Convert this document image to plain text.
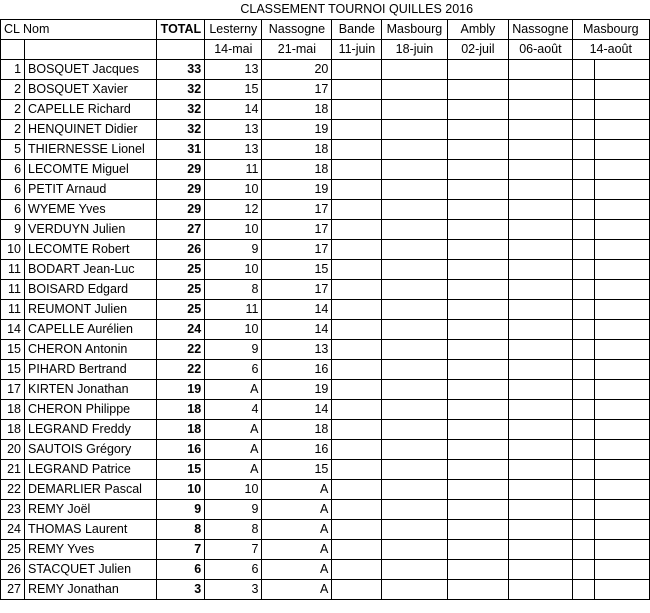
			CLASSEMENT TOURNOI QUILLES 2016							
CL Nom		TOTAL	Lesterny	Nassogne	Bande	Masbourg	Ambly	Nassogne	Masbourg	
			14-mai	21-mai	11-juin	18-juin	02-juil	06-août	14-août	
1	BOSQUET Jacques	33	13	20						
2	BOSQUET Xavier	32	15	17						
2	CAPELLE Richard	32	14	18						
2	HENQUINET Didier	32	13	19						
5	THIERNESSE Lionel	31	13	18						
6	LECOMTE Miguel	29	11	18						
6	PETIT Arnaud	29	10	19						
6	WYEME Yves	29	12	17						
9	VERDUYN Julien	27	10	17						
10	LECOMTE Robert	26	9	17						
11	BODART Jean-Luc	25	10	15						
11	BOISARD Edgard	25	8	17						
11	REUMONT Julien	25	11	14						
14	CAPELLE Aurélien	24	10	14						
15	CHERON Antonin	22	9	13						
15	PIHARD Bertrand	22	6	16						
17	KIRTEN Jonathan	19	A	19						
18	CHERON Philippe	18	4	14						
18	LEGRAND Freddy	18	A	18						
20	SAUTOIS Grégory	16	A	16						
21	LEGRAND Patrice	15	A	15						
22	DEMARLIER Pascal	10	10	A						
23	REMY Joël	9	9	A						
24	THOMAS Laurent	8	8	A						
25	REMY Yves	7	7	A						
26	STACQUET Julien	6	6	A						
27	REMY Jonathan	3	3	A						
